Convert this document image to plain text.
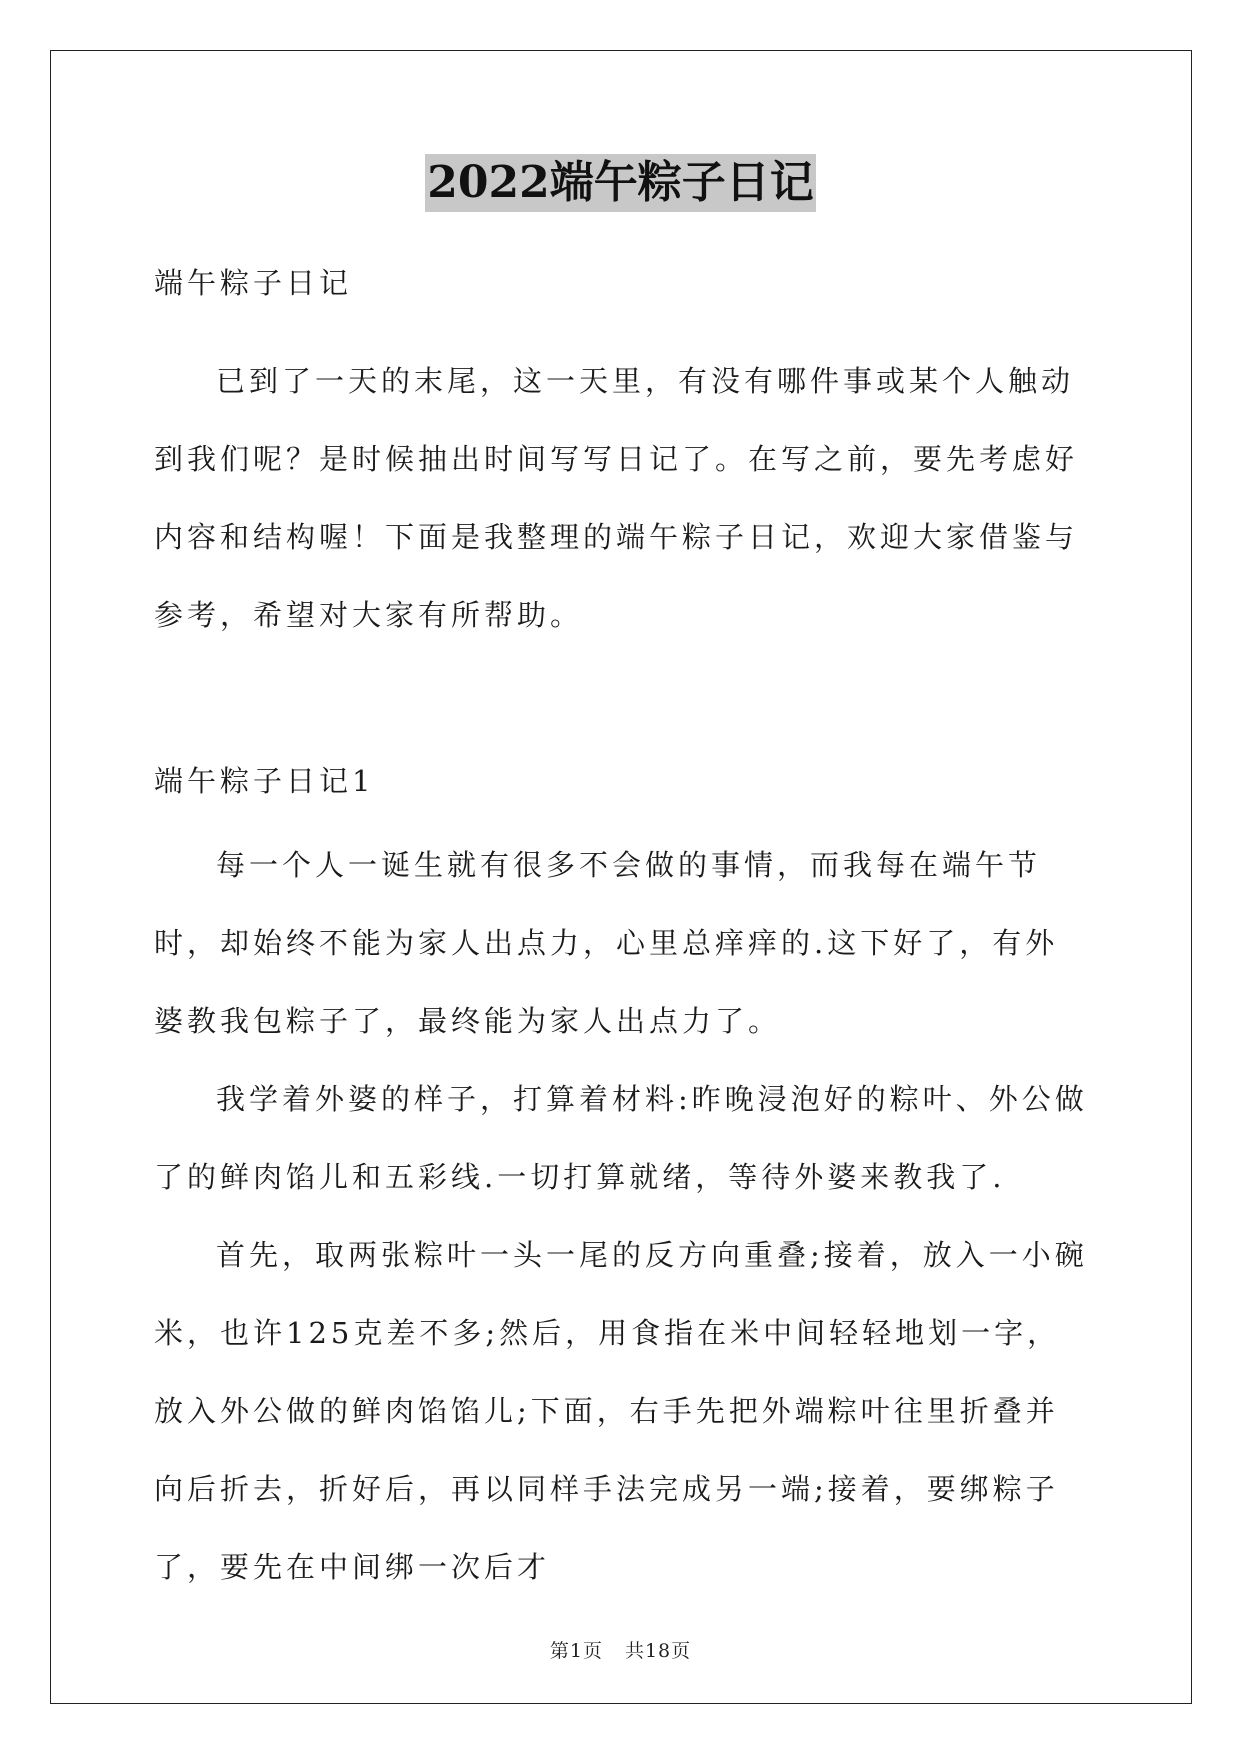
2022端午粽子日记

端午粽子日记

已到了一天的末尾，这一天里，有没有哪件事或某个人触动到我们呢？是时候抽出时间写写日记了。在写之前，要先考虑好内容和结构喔！下面是我整理的端午粽子日记，欢迎大家借鉴与参考，希望对大家有所帮助。

端午粽子日记1

每一个人一诞生就有很多不会做的事情，而我每在端午节时，却始终不能为家人出点力，心里总痒痒的.这下好了，有外婆教我包粽子了，最终能为家人出点力了。

我学着外婆的样子，打算着材料:昨晚浸泡好的粽叶、外公做了的鲜肉馅儿和五彩线.一切打算就绪，等待外婆来教我了.

首先，取两张粽叶一头一尾的反方向重叠;接着，放入一小碗米，也许125克差不多;然后，用食指在米中间轻轻地划一字，放入外公做的鲜肉馅馅儿;下面，右手先把外端粽叶往里折叠并向后折去，折好后，再以同样手法完成另一端;接着，要绑粽子了，要先在中间绑一次后才

第1页 共18页
